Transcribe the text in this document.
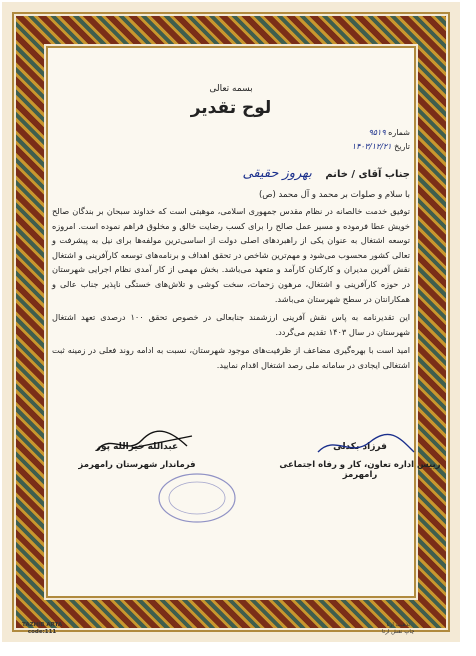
بسمه تعالی
لوح تقدیر
شماره ۹۵۱۹
تاریخ ۱۴۰۳/۱۲/۲۱
جناب آقای / خانم بهروز حقیقی
با سلام و صلوات بر محمد و آل محمد (ص)

توفیق خدمت خالصانه در نظام مقدس جمهوری اسلامی، موهبتی است که خداوند سبحان بر بندگان صالح خویش عطا فرموده و مسیر عمل صالح را برای کسب رضایت خالق و مخلوق فراهم نموده است. امروزه توسعه اشتغال به عنوان یکی از راهبردهای اصلی دولت از اساسی‌ترین مولفه‌ها برای نیل به پیشرفت و تعالی کشور محسوب می‌شود و مهم‌ترین شاخص در تحقق اهداف و برنامه‌های توسعه کارآفرینی و اشتغال نقش آفرین مدیران و کارکنان کارآمد و متعهد می‌باشد. بخش مهمی از کار آمدی نظام اجرایی شهرستان در حوزه کارآفرینی و اشتغال، مرهون زحمات، سخت کوشی و تلاش‌های خستگی ناپذیر جناب عالی و همکارانتان در سطح شهرستان می‌باشد.

این تقدیرنامه به پاس نقش آفرینی ارزشمند جنابعالی در خصوص تحقق ۱۰۰ درصدی تعهد اشتغال شهرستان در سال ۱۴۰۳ تقدیم می‌گردد.

امید است با بهره‌گیری مضاعف از ظرفیت‌های موجود شهرستان، نسبت به ادامه روند فعلی در زمینه ثبت اشتغالی ایجادی در سامانه ملی رصد اشتغال اقدام نمایید.

عبدالله خیرالله پور
فرماندار شهرستان رامهرمز
فرزاد بکدلی
رییس اداره تعاون، کار و رفاه اجتماعی رامهرمز
TAZHIB ARTA
code:111
تذهیب ارتا
چاپ نقش ارتا
